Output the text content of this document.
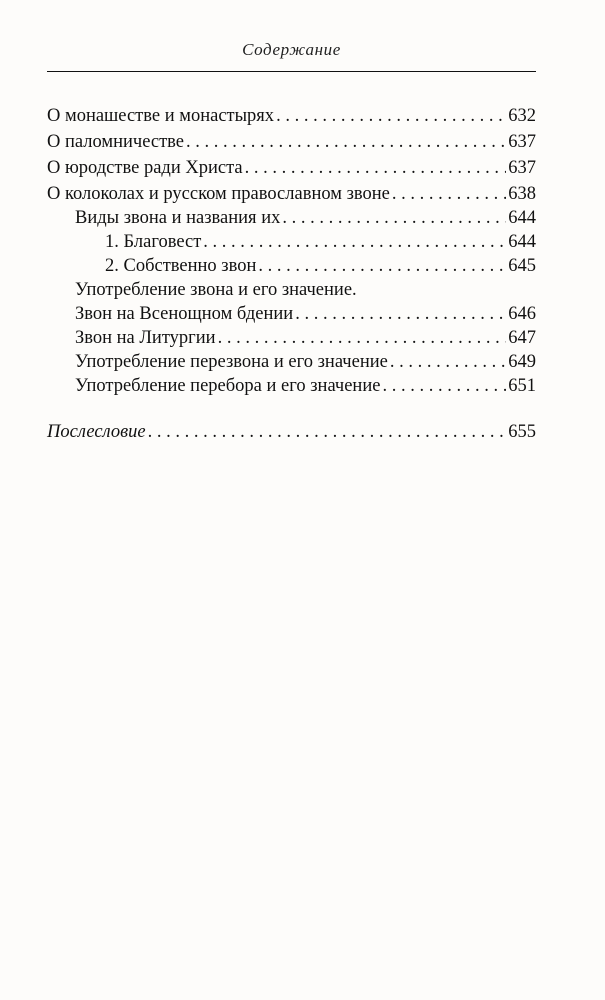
Содержание
О монашестве и монастырях . . .	632
О паломничестве . . .	637
О юродстве ради Христа . . .	637
О колоколах и русском православном звоне . . .	638
Виды звона и названия их . . .	644
1. Благовест . . .	644
2. Собственно звон . . .	645
Употребление звона и его значение.
Звон на Всенощном бдении . . .	646
Звон на Литургии . . .	647
Употребление перезвона и его значение . . .	649
Употребление перебора и его значение . . .	651
Послесловие . . .	655
